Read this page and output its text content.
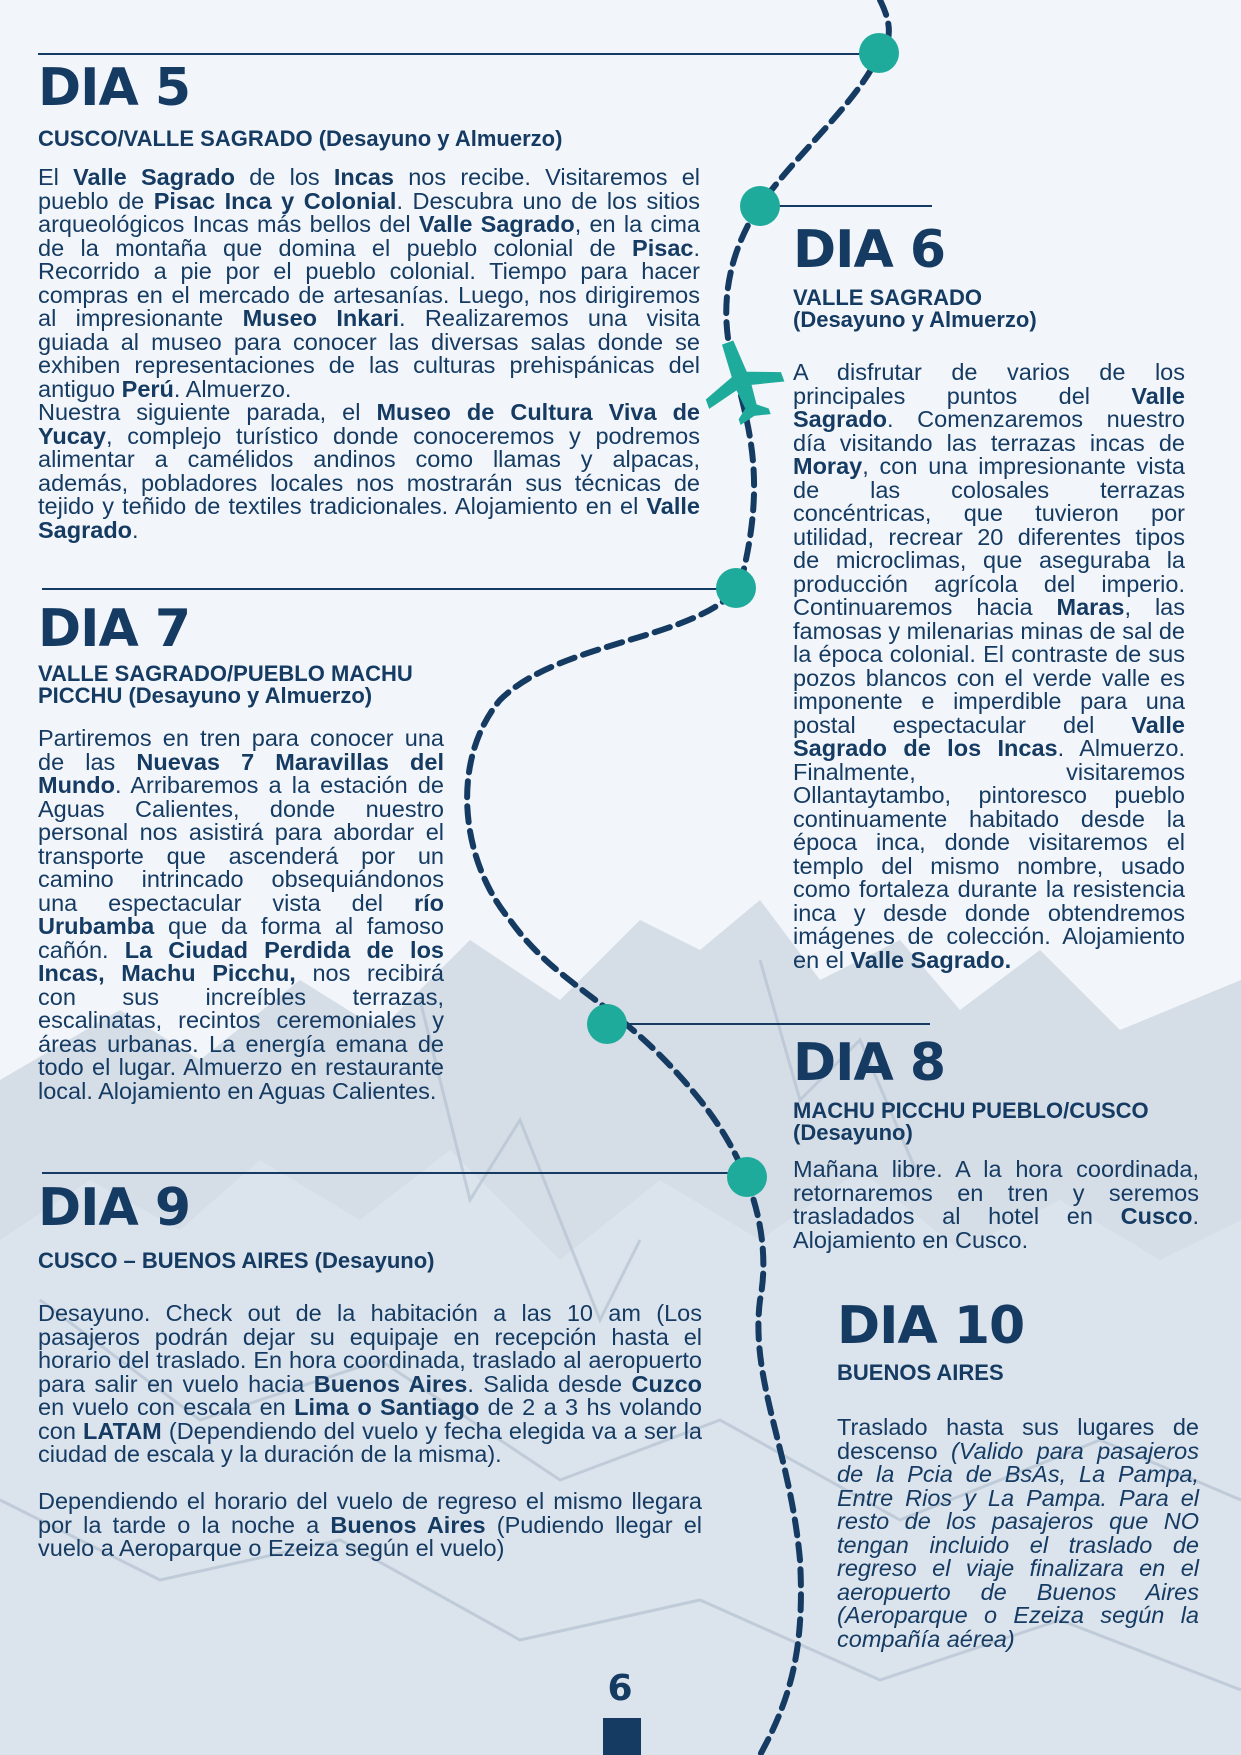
DIA 5
CUSCO/VALLE SAGRADO (Desayuno y Almuerzo)

El Valle Sagrado de los Incas nos recibe. Visitaremos el pueblo de Pisac Inca y Colonial. Descubra uno de los sitios arqueológicos Incas más bellos del Valle Sagrado, en la cima de la montaña que domina el pueblo colonial de Pisac. Recorrido a pie por el pueblo colonial. Tiempo para hacer compras en el mercado de artesanías. Luego, nos dirigiremos al impresionante Museo Inkari. Realizaremos una visita guiada al museo para conocer las diversas salas donde se exhiben representaciones de las culturas prehispánicas del antiguo Perú. Almuerzo.

Nuestra siguiente parada, el Museo de Cultura Viva de Yucay, complejo turístico donde conoceremos y podremos alimentar a camélidos andinos como llamas y alpacas, además, pobladores locales nos mostrarán sus técnicas de tejido y teñido de textiles tradicionales. Alojamiento en el Valle Sagrado.

DIA 6
VALLE SAGRADO (Desayuno y Almuerzo)

A disfrutar de varios de los principales puntos del Valle Sagrado. Comenzaremos nuestro día visitando las terrazas incas de Moray, con una impresionante vista de las colosales terrazas concéntricas, que tuvieron por utilidad, recrear 20 diferentes tipos de microclimas, que aseguraba la producción agrícola del imperio. Continuaremos hacia Maras, las famosas y milenarias minas de sal de la época colonial. El contraste de sus pozos blancos con el verde valle es imponente e imperdible para una postal espectacular del Valle Sagrado de los Incas. Almuerzo. Finalmente, visitaremos Ollantaytambo, pintoresco pueblo continuamente habitado desde la época inca, donde visitaremos el templo del mismo nombre, usado como fortaleza durante la resistencia inca y desde donde obtendremos imágenes de colección. Alojamiento en el Valle Sagrado.

DIA 7
VALLE SAGRADO/PUEBLO MACHU PICCHU (Desayuno y Almuerzo)

Partiremos en tren para conocer una de las Nuevas 7 Maravillas del Mundo. Arribaremos a la estación de Aguas Calientes, donde nuestro personal nos asistirá para abordar el transporte que ascenderá por un camino intrincado obsequiándonos una espectacular vista del río Urubamba que da forma al famoso cañón. La Ciudad Perdida de los Incas, Machu Picchu, nos recibirá con sus increíbles terrazas, escalinatas, recintos ceremoniales y áreas urbanas. La energía emana de todo el lugar. Almuerzo en restaurante local. Alojamiento en Aguas Calientes.	DIA 8
MACHU PICCHU PUEBLO/CUSCO (Desayuno)

Mañana libre. A la hora coordinada, retornaremos en tren y seremos trasladados al hotel en Cusco. Alojamiento en Cusco.

DIA 9
CUSCO – BUENOS AIRES (Desayuno)

Desayuno. Check out de la habitación a las 10 am (Los pasajeros podrán dejar su equipaje en recepción hasta el horario del traslado. En hora coordinada, traslado al aeropuerto para salir en vuelo hacia Buenos Aires. Salida desde Cuzco en vuelo con escala en Lima o Santiago de 2 a 3 hs volando con LATAM (Dependiendo del vuelo y fecha elegida va a ser la ciudad de escala y la duración de la misma).

Dependiendo el horario del vuelo de regreso el mismo llegara por la tarde o la noche a Buenos Aires (Pudiendo llegar el vuelo a Aeroparque o Ezeiza según el vuelo)

DIA 10
BUENOS AIRES

Traslado hasta sus lugares de descenso (Valido para pasajeros de la Pcia de BsAs, La Pampa, Entre Rios y La Pampa. Para el resto de los pasajeros que NO tengan incluido el traslado de regreso el viaje finalizara en el aeropuerto de Buenos Aires (Aeroparque o Ezeiza según la compañía aérea)

6
